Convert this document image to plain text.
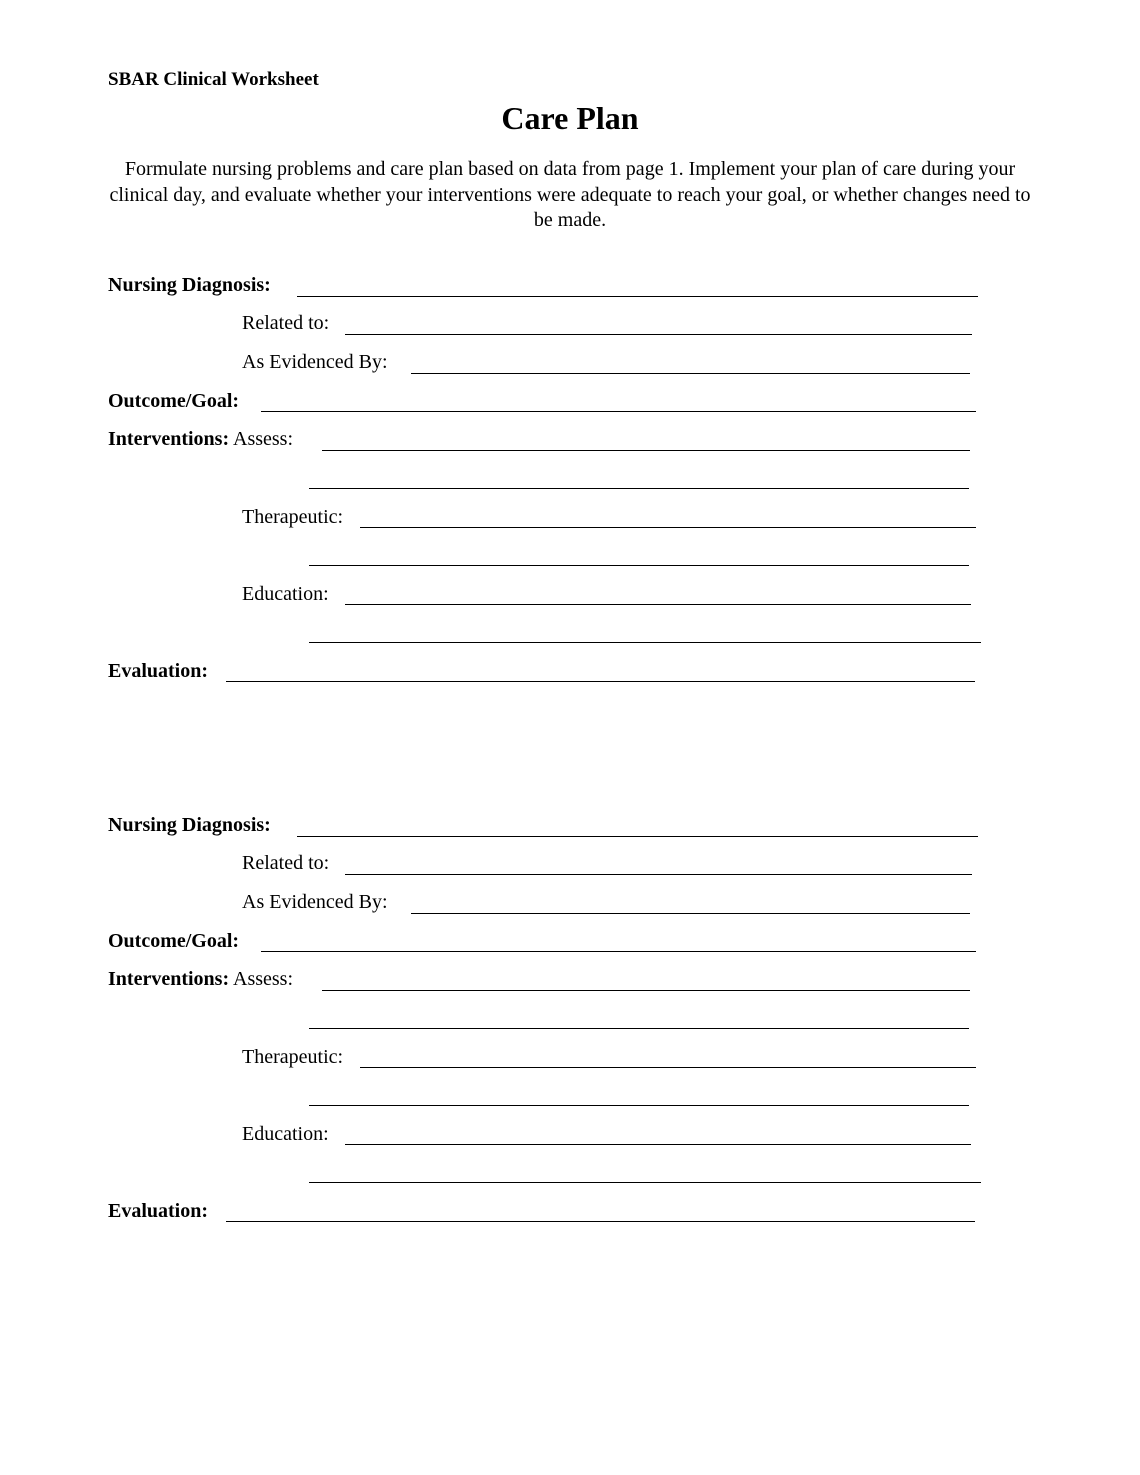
SBAR Clinical Worksheet
Care Plan
Formulate nursing problems and care plan based on data from page 1. Implement your plan of care during your clinical day, and evaluate whether your interventions were adequate to reach your goal, or whether changes need to be made.
Nursing Diagnosis:
Related to:
As Evidenced By:
Outcome/Goal:
Interventions: Assess:
Therapeutic:
Education:
Evaluation:
Nursing Diagnosis:
Related to:
As Evidenced By:
Outcome/Goal:
Interventions: Assess:
Therapeutic:
Education:
Evaluation:
